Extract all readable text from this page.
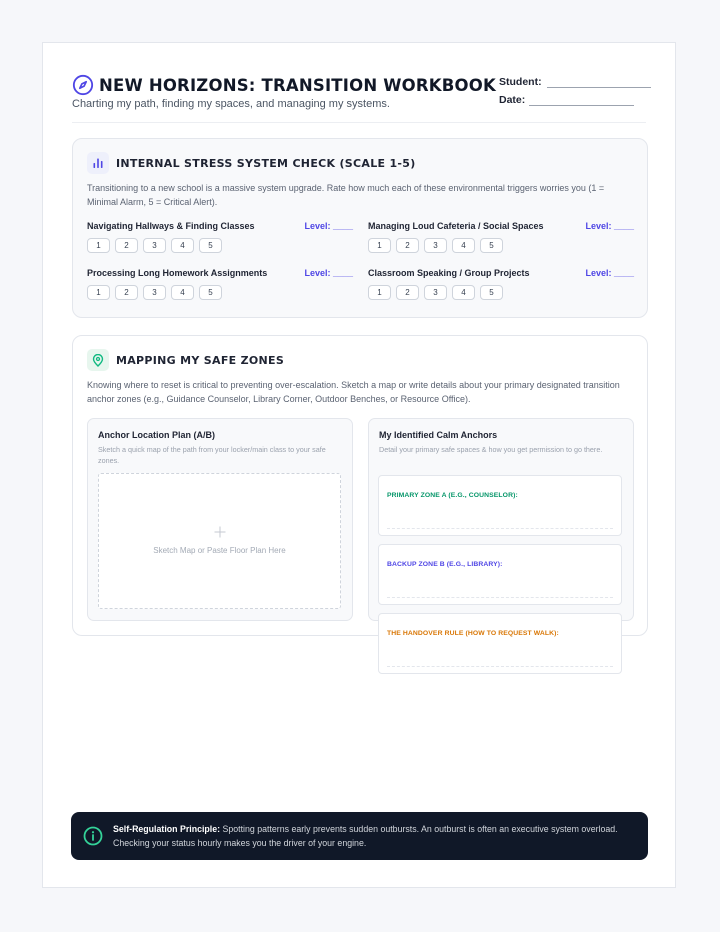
NEW HORIZONS: TRANSITION WORKBOOK
Charting my path, finding my spaces, and managing my systems.
Student:
Date:
INTERNAL STRESS SYSTEM CHECK (SCALE 1-5)
Transitioning to a new school is a massive system upgrade. Rate how much each of these environmental triggers worries you (1 = Minimal Alarm, 5 = Critical Alert).
Navigating Hallways & Finding Classes	Level: ____
1	2	3	4	5
Managing Loud Cafeteria / Social Spaces	Level: ____
1	2	3	4	5
Processing Long Homework Assignments	Level: ____
1	2	3	4	5
Classroom Speaking / Group Projects	Level: ____
1	2	3	4	5
MAPPING MY SAFE ZONES
Knowing where to reset is critical to preventing over-escalation. Sketch a map or write details about your primary designated transition anchor zones (e.g., Guidance Counselor, Library Corner, Outdoor Benches, or Resource Office).
Anchor Location Plan (A/B)
Sketch a quick map of the path from your locker/main class to your safe zones.
Sketch Map or Paste Floor Plan Here
My Identified Calm Anchors
Detail your primary safe spaces & how you get permission to go there.
PRIMARY ZONE A (E.G., COUNSELOR):
BACKUP ZONE B (E.G., LIBRARY):
THE HANDOVER RULE (HOW TO REQUEST WALK):
Self-Regulation Principle: Spotting patterns early prevents sudden outbursts. An outburst is often an executive system overload. Checking your status hourly makes you the driver of your engine.
